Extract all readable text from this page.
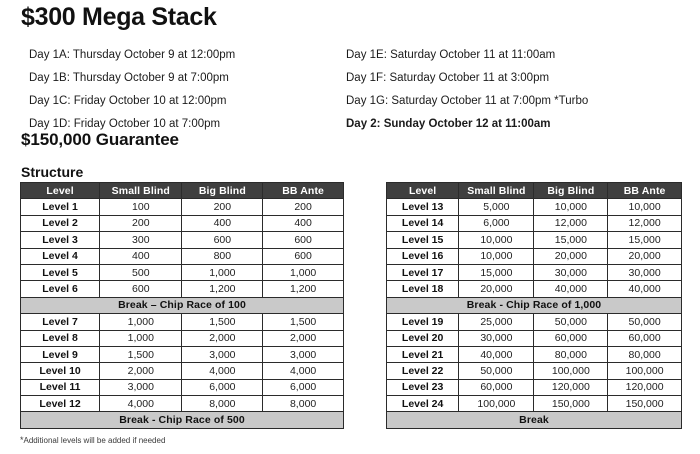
$300 Mega Stack
Day 1A: Thursday October 9 at 12:00pm
Day 1B: Thursday October 9 at 7:00pm
Day 1C: Friday October 10 at 12:00pm
Day 1D: Friday October 10 at 7:00pm
Day 1E: Saturday October 11 at 11:00am
Day 1F: Saturday October 11 at 3:00pm
Day 1G: Saturday October 11 at 7:00pm *Turbo
Day 2: Sunday October 12 at 11:00am
$150,000 Guarantee
Structure
Level	Small Blind	Big Blind	BB Ante
Level 1	100	200	200
Level 2	200	400	400
Level 3	300	600	600
Level 4	400	800	600
Level 5	500	1,000	1,000
Level 6	600	1,200	1,200
Break – Chip Race of 100			
Level 7	1,000	1,500	1,500
Level 8	1,000	2,000	2,000
Level 9	1,500	3,000	3,000
Level 10	2,000	4,000	4,000
Level 11	3,000	6,000	6,000
Level 12	4,000	8,000	8,000
Break - Chip Race of 500			
Level	Small Blind	Big Blind	BB Ante
Level 13	5,000	10,000	10,000
Level 14	6,000	12,000	12,000
Level 15	10,000	15,000	15,000
Level 16	10,000	20,000	20,000
Level 17	15,000	30,000	30,000
Level 18	20,000	40,000	40,000
Break - Chip Race of 1,000			
Level 19	25,000	50,000	50,000
Level 20	30,000	60,000	60,000
Level 21	40,000	80,000	80,000
Level 22	50,000	100,000	100,000
Level 23	60,000	120,000	120,000
Level 24	100,000	150,000	150,000
Break			
*Additional levels will be added if needed
